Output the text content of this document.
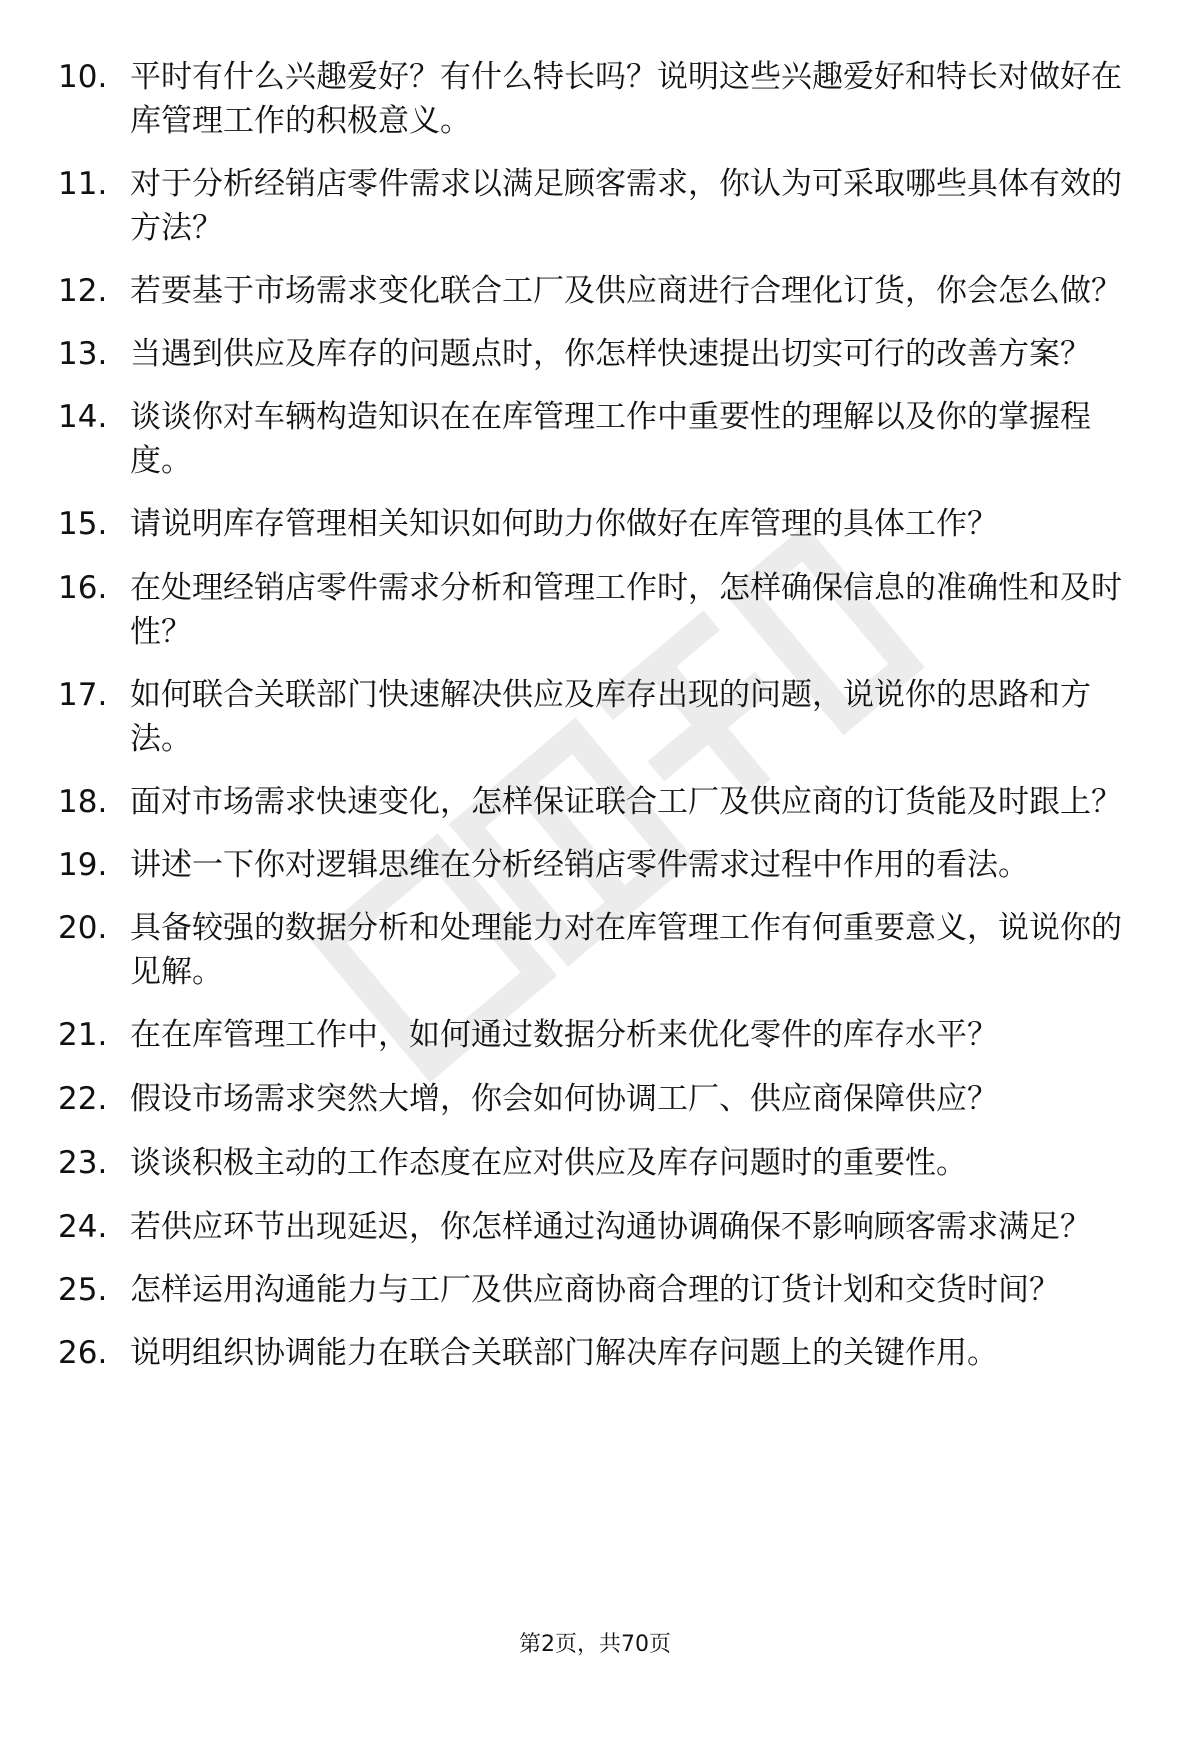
10. 平时有什么兴趣爱好？有什么特长吗？说明这些兴趣爱好和特长对做好在库管理工作的积极意义。
11. 对于分析经销店零件需求以满足顾客需求，你认为可采取哪些具体有效的方法？
12. 若要基于市场需求变化联合工厂及供应商进行合理化订货，你会怎么做？
13. 当遇到供应及库存的问题点时，你怎样快速提出切实可行的改善方案？
14. 谈谈你对车辆构造知识在在库管理工作中重要性的理解以及你的掌握程度。
15. 请说明库存管理相关知识如何助力你做好在库管理的具体工作？
16. 在处理经销店零件需求分析和管理工作时，怎样确保信息的准确性和及时性？
17. 如何联合关联部门快速解决供应及库存出现的问题，说说你的思路和方法。
18. 面对市场需求快速变化，怎样保证联合工厂及供应商的订货能及时跟上？
19. 讲述一下你对逻辑思维在分析经销店零件需求过程中作用的看法。
20. 具备较强的数据分析和处理能力对在库管理工作有何重要意义，说说你的见解。
21. 在在库管理工作中，如何通过数据分析来优化零件的库存水平？
22. 假设市场需求突然大增，你会如何协调工厂、供应商保障供应？
23. 谈谈积极主动的工作态度在应对供应及库存问题时的重要性。
24. 若供应环节出现延迟，你怎样通过沟通协调确保不影响顾客需求满足？
25. 怎样运用沟通能力与工厂及供应商协商合理的订货计划和交货时间？
26. 说明组织协调能力在联合关联部门解决库存问题上的关键作用。
第2页，共70页
